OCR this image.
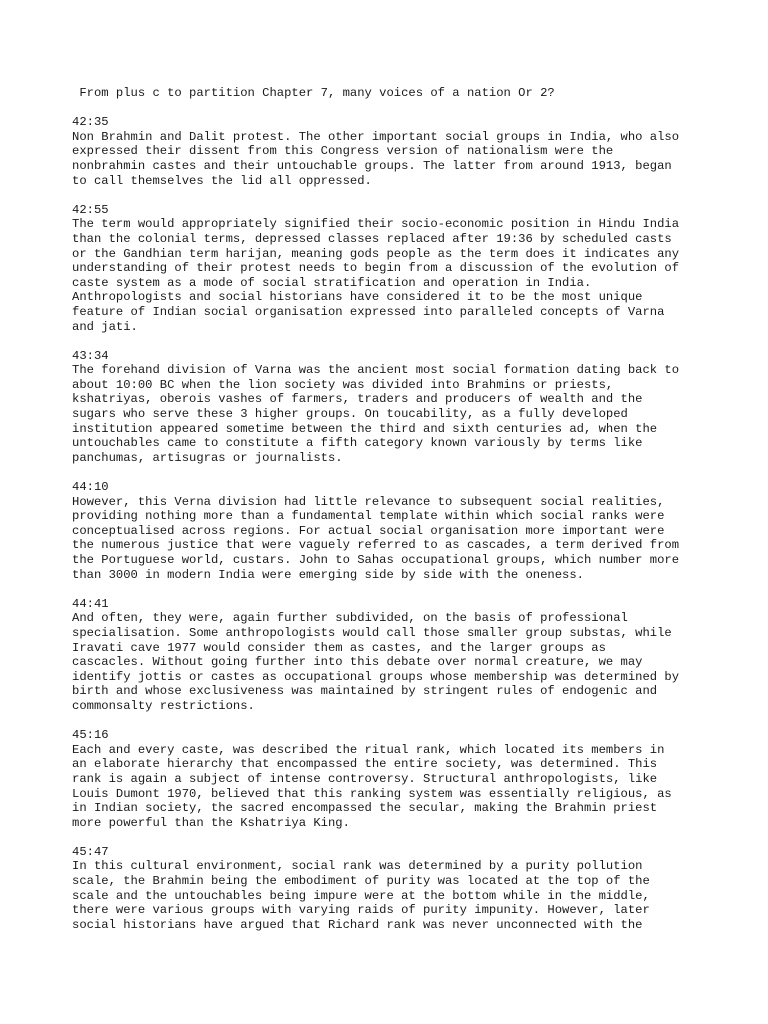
From plus c to partition Chapter 7, many voices of a nation Or 2?
42:35
Non Brahmin and Dalit protest. The other important social groups in India, who also
expressed their dissent from this Congress version of nationalism were the
nonbrahmin castes and their untouchable groups. The latter from around 1913, began
to call themselves the lid all oppressed.
42:55
The term would appropriately signified their socio-economic position in Hindu India
than the colonial terms, depressed classes replaced after 19:36 by scheduled casts
or the Gandhian term harijan, meaning gods people as the term does it indicates any
understanding of their protest needs to begin from a discussion of the evolution of
caste system as a mode of social stratification and operation in India.
Anthropologists and social historians have considered it to be the most unique
feature of Indian social organisation expressed into paralleled concepts of Varna
and jati.
43:34
The forehand division of Varna was the ancient most social formation dating back to
about 10:00 BC when the lion society was divided into Brahmins or priests,
kshatriyas, oberois vashes of farmers, traders and producers of wealth and the
sugars who serve these 3 higher groups. On toucability, as a fully developed
institution appeared sometime between the third and sixth centuries ad, when the
untouchables came to constitute a fifth category known variously by terms like
panchumas, artisugras or journalists.
44:10
However, this Verna division had little relevance to subsequent social realities,
providing nothing more than a fundamental template within which social ranks were
conceptualised across regions. For actual social organisation more important were
the numerous justice that were vaguely referred to as cascades, a term derived from
the Portuguese world, custars. John to Sahas occupational groups, which number more
than 3000 in modern India were emerging side by side with the oneness.
44:41
And often, they were, again further subdivided, on the basis of professional
specialisation. Some anthropologists would call those smaller group substas, while
Iravati cave 1977 would consider them as castes, and the larger groups as
cascacles. Without going further into this debate over normal creature, we may
identify jottis or castes as occupational groups whose membership was determined by
birth and whose exclusiveness was maintained by stringent rules of endogenic and
commonsalty restrictions.
45:16
Each and every caste, was described the ritual rank, which located its members in
an elaborate hierarchy that encompassed the entire society, was determined. This
rank is again a subject of intense controversy. Structural anthropologists, like
Louis Dumont 1970, believed that this ranking system was essentially religious, as
in Indian society, the sacred encompassed the secular, making the Brahmin priest
more powerful than the Kshatriya King.
45:47
In this cultural environment, social rank was determined by a purity pollution
scale, the Brahmin being the embodiment of purity was located at the top of the
scale and the untouchables being impure were at the bottom while in the middle,
there were various groups with varying raids of purity impunity. However, later
social historians have argued that Richard rank was never unconnected with the
